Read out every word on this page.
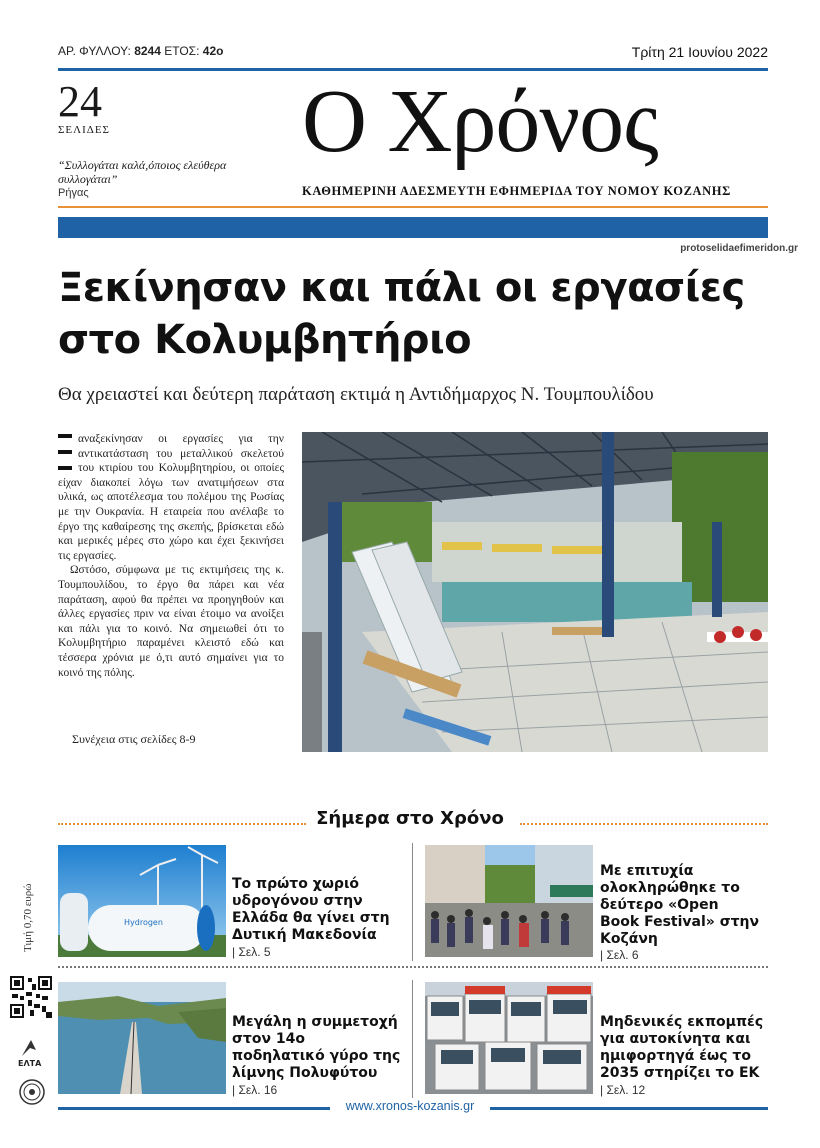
ΑΡ. ΦΥΛΛΟΥ: 8244 ΕΤΟΣ: 42ο	Τρίτη 21 Ιουνίου 2022
24
ΣΕΛΙΔΕΣ
“Συλλογάται καλά,όποιος ελεύθερα συλλογάται”
Ρήγας
Ο Χρόνος
ΚΑΘΗΜΕΡΙΝΗ ΑΔΕΣΜΕΥΤΗ ΕΦΗΜΕΡΙΔΑ ΤΟΥ ΝΟΜΟΥ ΚΟΖΑΝΗΣ
protoselidaefimeridon.gr
Ξεκίνησαν και πάλι οι εργασίες στο Κολυμβητήριο
Θα χρειαστεί και δεύτερη παράταση εκτιμά η Αντιδήμαρχος Ν. Τουμπουλίδου

αναξεκίνησαν οι εργασίες για την αντικατάσταση του μεταλλικού σκελετού του κτιρίου του Κολυμβητηρίου, οι οποίες είχαν διακοπεί λόγω των ανατιμήσεων στα υλικά, ως αποτέλεσμα του πολέμου της Ρωσίας με την Ουκρανία. Η εταιρεία που ανέλαβε το έργο της καθαίρεσης της σκεπής, βρίσκεται εδώ και μερικές μέρες στο χώρο και έχει ξεκινήσει τις εργασίες.

Ωστόσο, σύμφωνα με τις εκτιμήσεις της κ. Τουμπουλίδου, το έργο θα πάρει και νέα παράταση, αφού θα πρέπει να προηγηθούν και άλλες εργασίες πριν να είναι έτοιμο να ανοίξει και πάλι για το κοινό. Να σημειωθεί ότι το Κολυμβητήριο παραμένει κλειστό εδώ και τέσσερα χρόνια με ό,τι αυτό σημαίνει για το κοινό της πόλης.

Συνέχεια στις σελίδες 8-9
Σήμερα στο Χρόνο
Τιμή 0,70 ευρώ	Hydrogen
Το πρώτο χωριό υδρογόνου στην Ελλάδα θα γίνει στη Δυτική Μακεδονία
| Σελ. 5
Με επιτυχία ολοκληρώθηκε το δεύτερο «Open Book Festival» στην Κοζάνη
| Σελ. 6
Μεγάλη η συμμετοχή στον 14ο ποδηλατικό γύρο της λίμνης Πολυφύτου
| Σελ. 16
Μηδενικές εκπομπές για αυτοκίνητα και ημιφορτηγά έως το 2035 στηρίζει το ΕΚ
| Σελ. 12
ΕΛΤΑ
www.xronos-kozanis.gr
